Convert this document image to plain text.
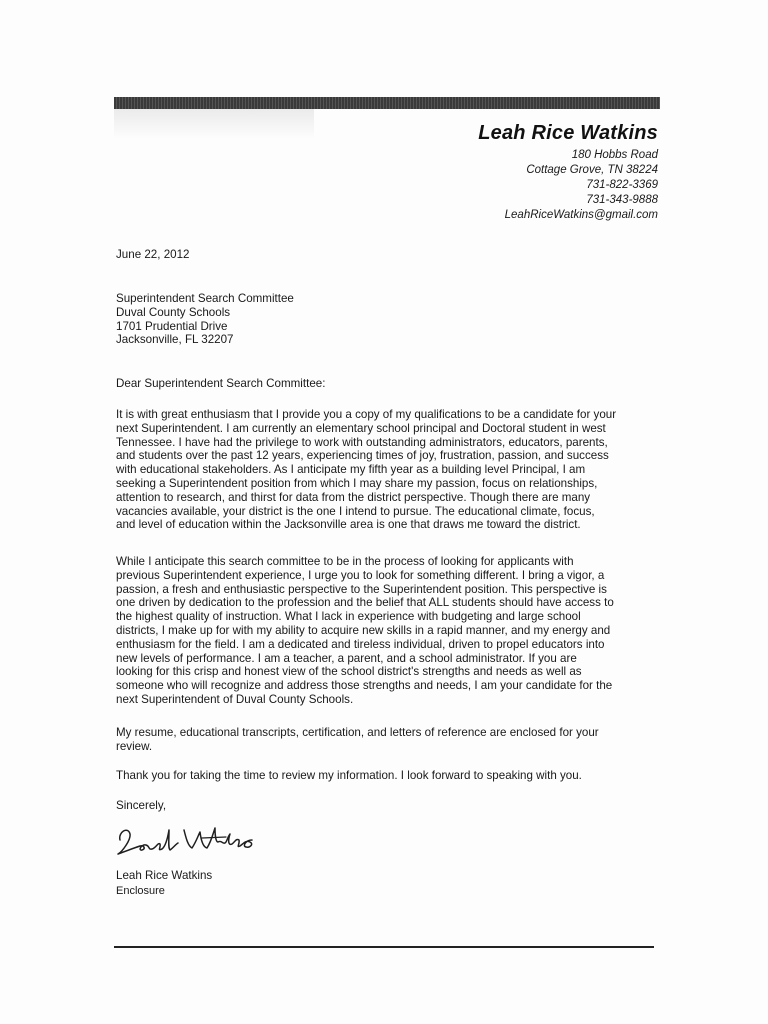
Leah Rice Watkins
180 Hobbs Road
Cottage Grove, TN 38224
731-822-3369
731-343-9888
LeahRiceWatkins@gmail.com
June 22, 2012
Superintendent Search Committee
Duval County Schools
1701 Prudential Drive
Jacksonville, FL 32207
Dear Superintendent Search Committee:
It is with great enthusiasm that I provide you a copy of my qualifications to be a candidate for your
next Superintendent. I am currently an elementary school principal and Doctoral student in west
Tennessee. I have had the privilege to work with outstanding administrators, educators, parents,
and students over the past 12 years, experiencing times of joy, frustration, passion, and success
with educational stakeholders. As I anticipate my fifth year as a building level Principal, I am
seeking a Superintendent position from which I may share my passion, focus on relationships,
attention to research, and thirst for data from the district perspective. Though there are many
vacancies available, your district is the one I intend to pursue. The educational climate, focus,
and level of education within the Jacksonville area is one that draws me toward the district.
While I anticipate this search committee to be in the process of looking for applicants with
previous Superintendent experience, I urge you to look for something different. I bring a vigor, a
passion, a fresh and enthusiastic perspective to the Superintendent position. This perspective is
one driven by dedication to the profession and the belief that ALL students should have access to
the highest quality of instruction. What I lack in experience with budgeting and large school
districts, I make up for with my ability to acquire new skills in a rapid manner, and my energy and
enthusiasm for the field. I am a dedicated and tireless individual, driven to propel educators into
new levels of performance. I am a teacher, a parent, and a school administrator. If you are
looking for this crisp and honest view of the school district's strengths and needs as well as
someone who will recognize and address those strengths and needs, I am your candidate for the
next Superintendent of Duval County Schools.
My resume, educational transcripts, certification, and letters of reference are enclosed for your
review.
Thank you for taking the time to review my information. I look forward to speaking with you.
Sincerely,
Leah Rice Watkins
Enclosure
